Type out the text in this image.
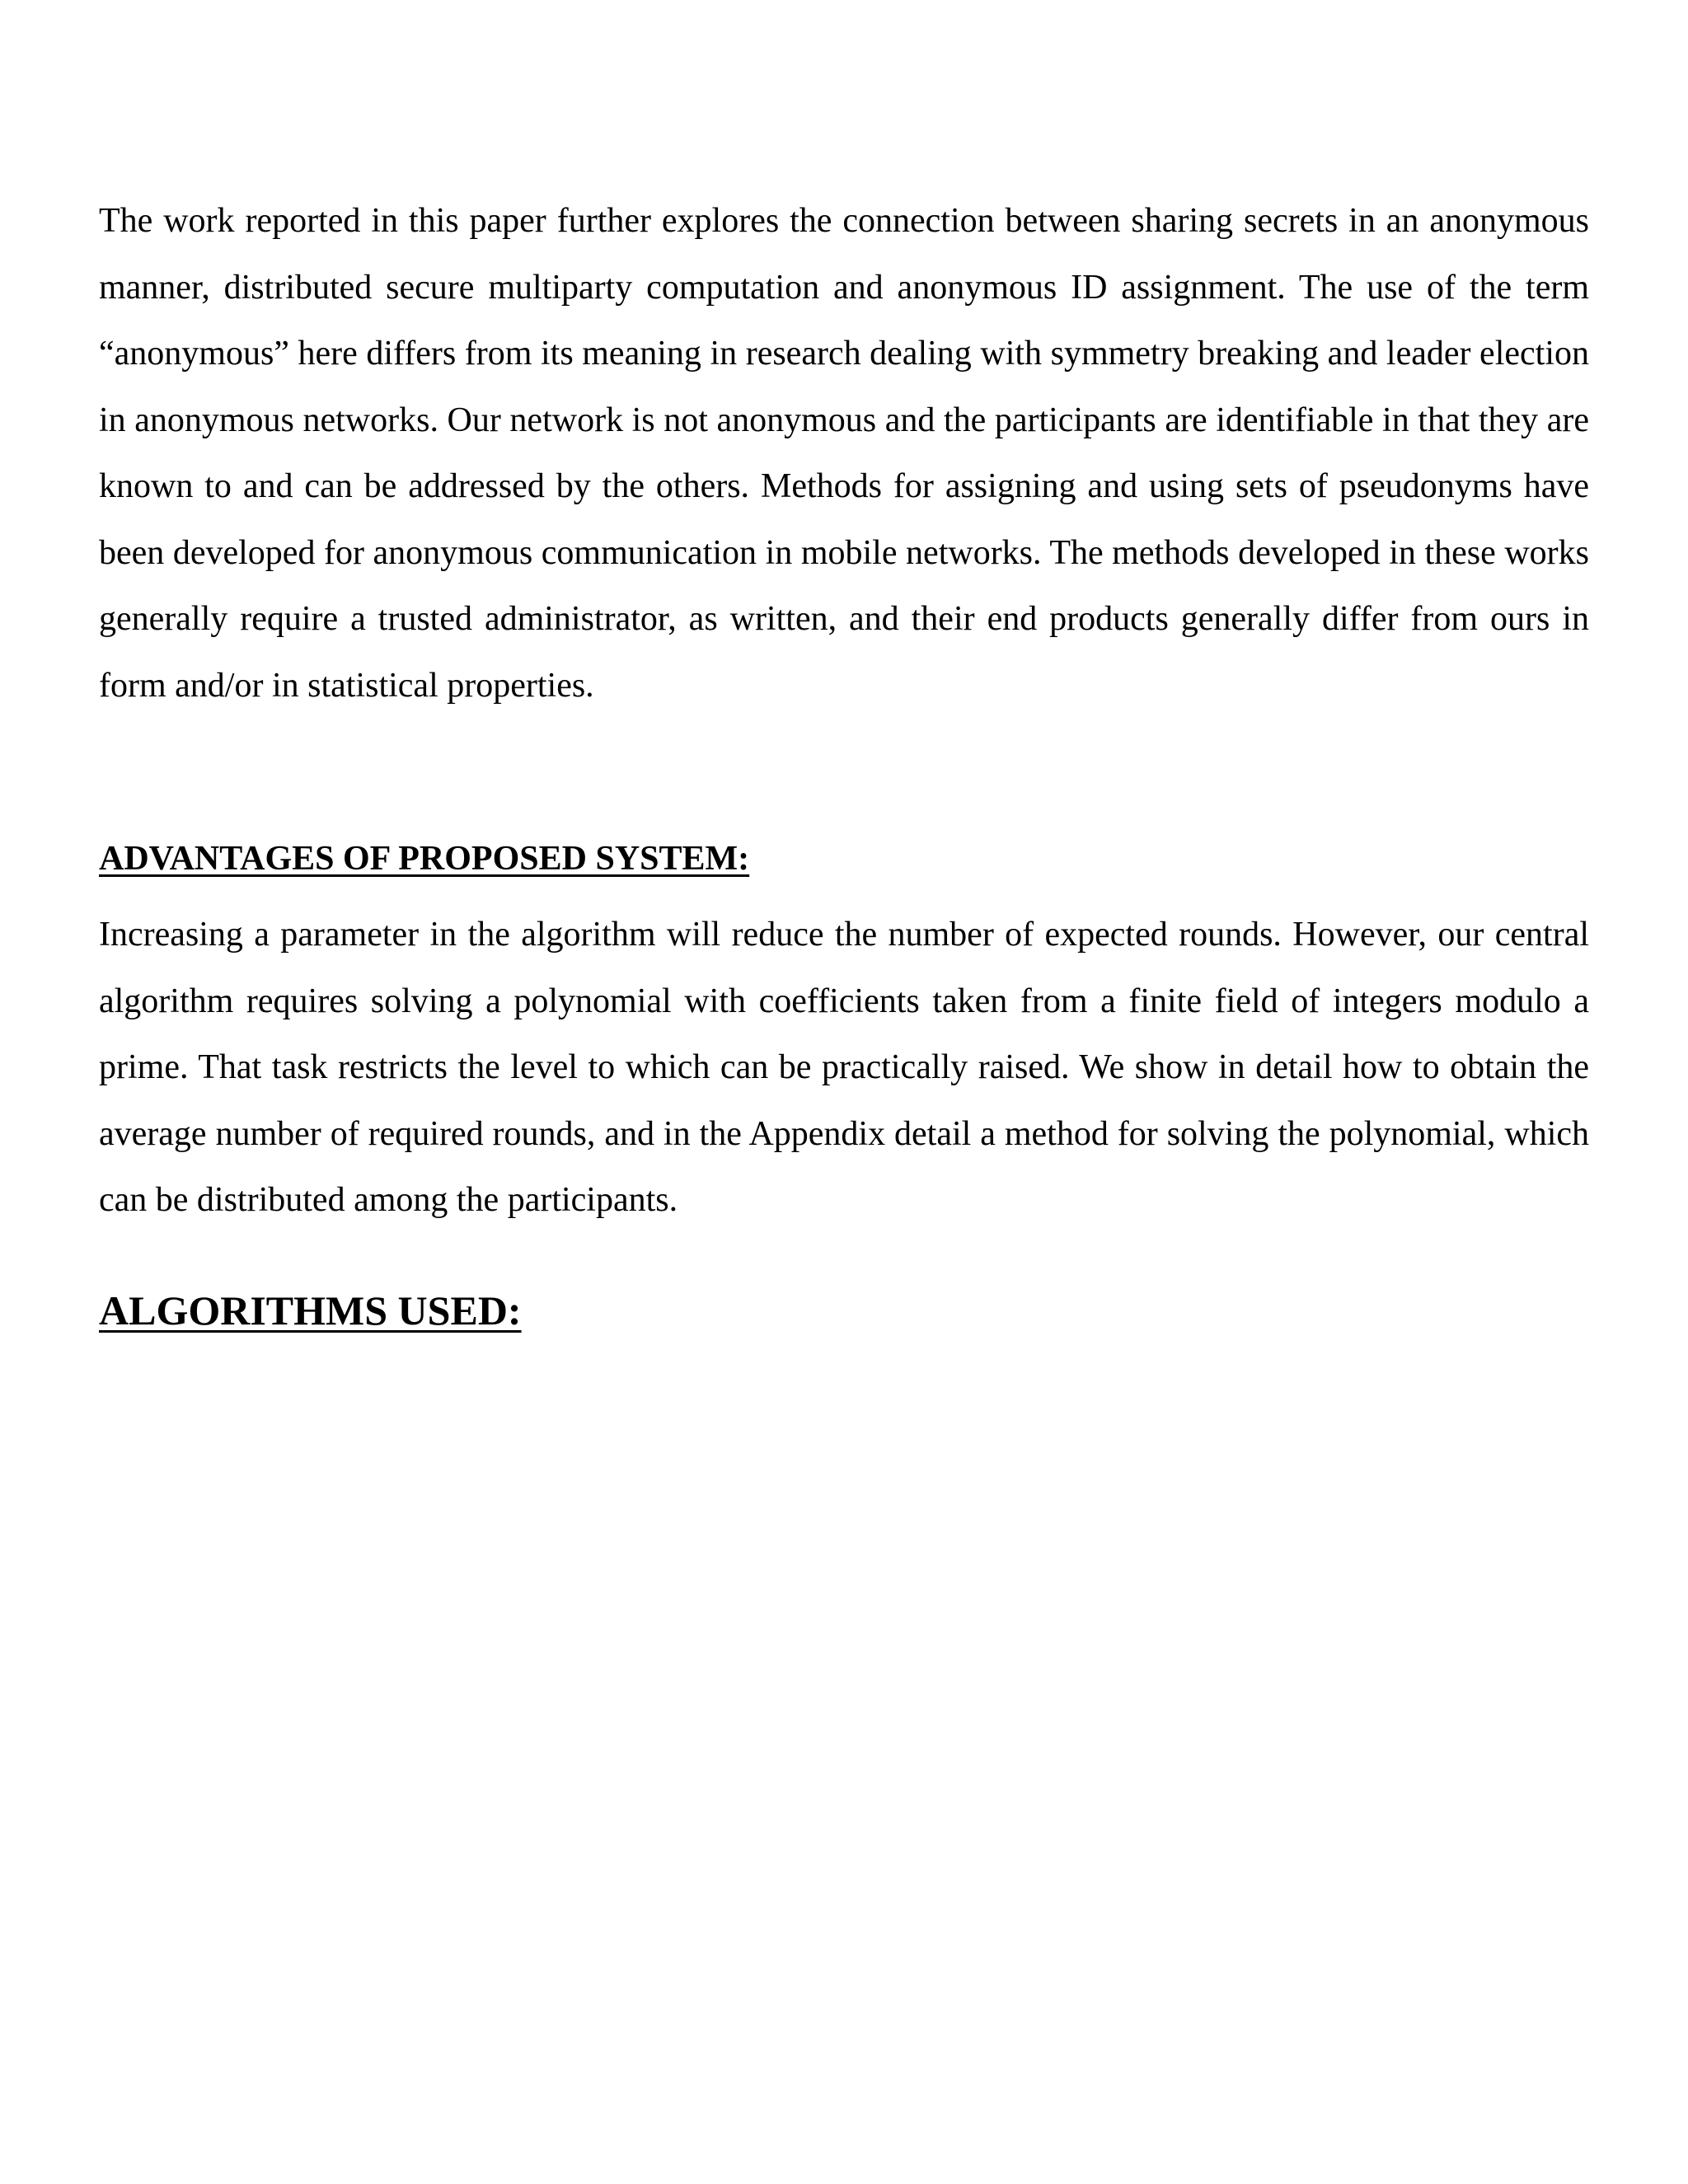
The work reported in this paper further explores the connection between sharing secrets in an anonymous manner, distributed secure multiparty computation and anonymous ID assignment. The use of the term “anonymous” here differs from its meaning in research dealing with symmetry breaking and leader election in anonymous networks. Our network is not anonymous and the participants are identifiable in that they are known to and can be addressed by the others. Methods for assigning and using sets of pseudonyms have been developed for anonymous communication in mobile networks. The methods developed in these works generally require a trusted administrator, as written, and their end products generally differ from ours in form and/or in statistical properties.

ADVANTAGES OF PROPOSED SYSTEM:

Increasing a parameter in the algorithm will reduce the number of expected rounds. However, our central algorithm requires solving a polynomial with coefficients taken from a finite field of integers modulo a prime. That task restricts the level to which can be practically raised. We show in detail how to obtain the average number of required rounds, and in the Appendix detail a method for solving the polynomial, which can be distributed among the participants.

ALGORITHMS USED:
